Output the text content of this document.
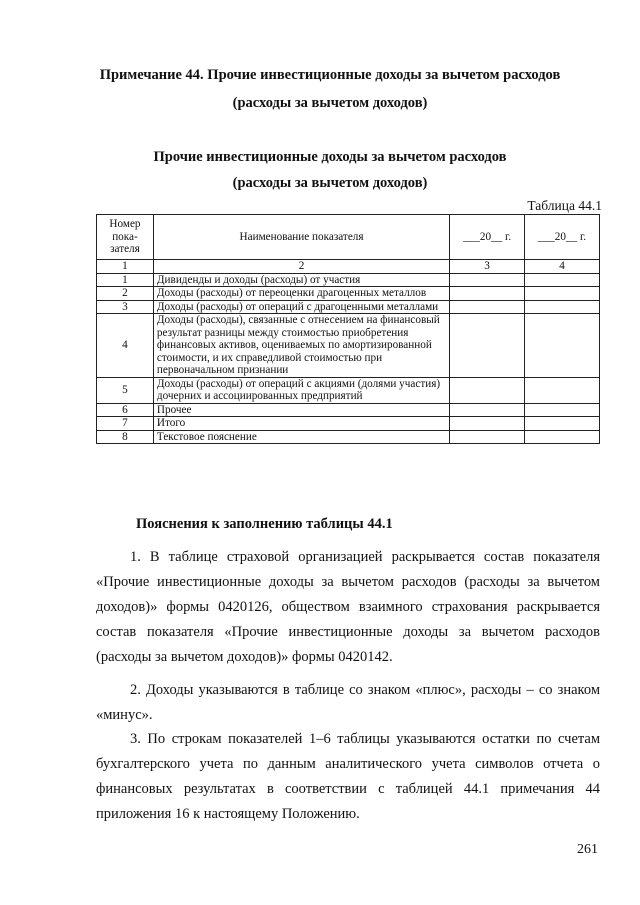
Примечание 44. Прочие инвестиционные доходы за вычетом расходов
(расходы за вычетом доходов)
Прочие инвестиционные доходы за вычетом расходов
(расходы за вычетом доходов)
Таблица 44.1
Номер пока-зателя	Наименование показателя	___20__ г.	___20__ г.
1	2	3	4
1	Дивиденды и доходы (расходы) от участия		
2	Доходы (расходы) от переоценки драгоценных металлов		
3	Доходы (расходы) от операций с драгоценными металлами		
4	Доходы (расходы), связанные с отнесением на финансовый результат разницы между стоимостью приобретения финансовых активов, оцениваемых по амортизированной стоимости, и их справедливой стоимостью при первоначальном признании		
5	Доходы (расходы) от операций с акциями (долями участия) дочерних и ассоциированных предприятий		
6	Прочее		
7	Итого		
8	Текстовое пояснение		
Пояснения к заполнению таблицы 44.1

1. В таблице страховой организацией раскрывается состав показателя «Прочие инвестиционные доходы за вычетом расходов (расходы за вычетом доходов)» формы 0420126, обществом взаимного страхования раскрывается состав показателя «Прочие инвестиционные доходы за вычетом расходов (расходы за вычетом доходов)» формы 0420142.

2. Доходы указываются в таблице со знаком «плюс», расходы – со знаком «минус».

3. По строкам показателей 1–6 таблицы указываются остатки по счетам бухгалтерского учета по данным аналитического учета символов отчета о финансовых результатах в соответствии с таблицей 44.1 примечания 44 приложения 16 к настоящему Положению.

261
